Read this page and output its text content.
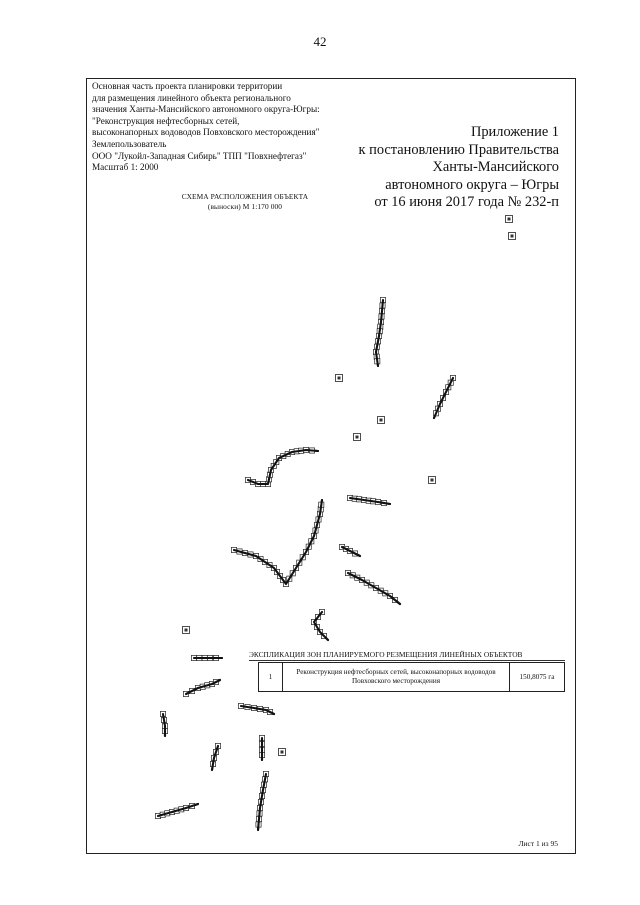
42
Основная часть проекта планировки территории
для размещения линейного объекта регионального
значения Ханты-Мансийского автономного округа-Югры:
"Реконструкция нефтесборных сетей,
высоконапорных водоводов Повховского месторождения"
Землепользователь
ООО "Лукойл-Западная Сибирь" ТПП "Повхнефтегаз"
Масштаб 1: 2000
Приложение 1
к постановлению Правительства
Ханты-Мансийского
автономного округа – Югры
от 16 июня 2017 года № 232-п
СХЕМА РАСПОЛОЖЕНИЯ ОБЪЕКТА
(выноски) М 1:170 000
ЭКСПЛИКАЦИЯ ЗОН ПЛАНИРУЕМОГО РЕЗМЕЩЕНИЯ ЛИНЕЙНЫХ ОБЪЕКТОВ
1
Реконструкция нефтесборных сетей, высоконапорных водоводов Повховского месторождения
150,8075 га
Лист 1 из 95
